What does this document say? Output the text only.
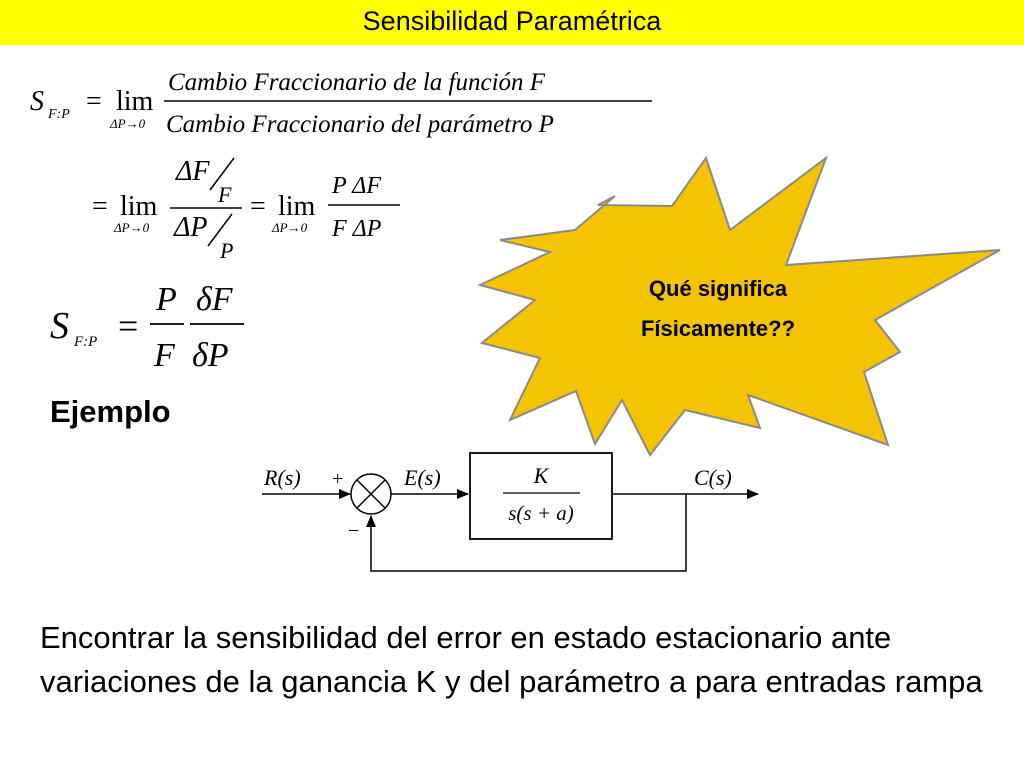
Sensibilidad Paramétrica
S F:P = lim
ΔP→0
Cambio Fraccionario de la función F
Cambio Fraccionario del parámetro P
= lim
ΔP→0
ΔF
F
ΔP
P
= lim
ΔP→0
P ΔF
F ΔP
S F:P =
P
F
δF
δP
Qué significa
Físicamente??
Ejemplo
R(s) +
−
E(s)	K
s(s + a)
C(s)
Encontrar la sensibilidad del error en estado estacionario ante variaciones de la ganancia K y del parámetro a para entradas rampa
